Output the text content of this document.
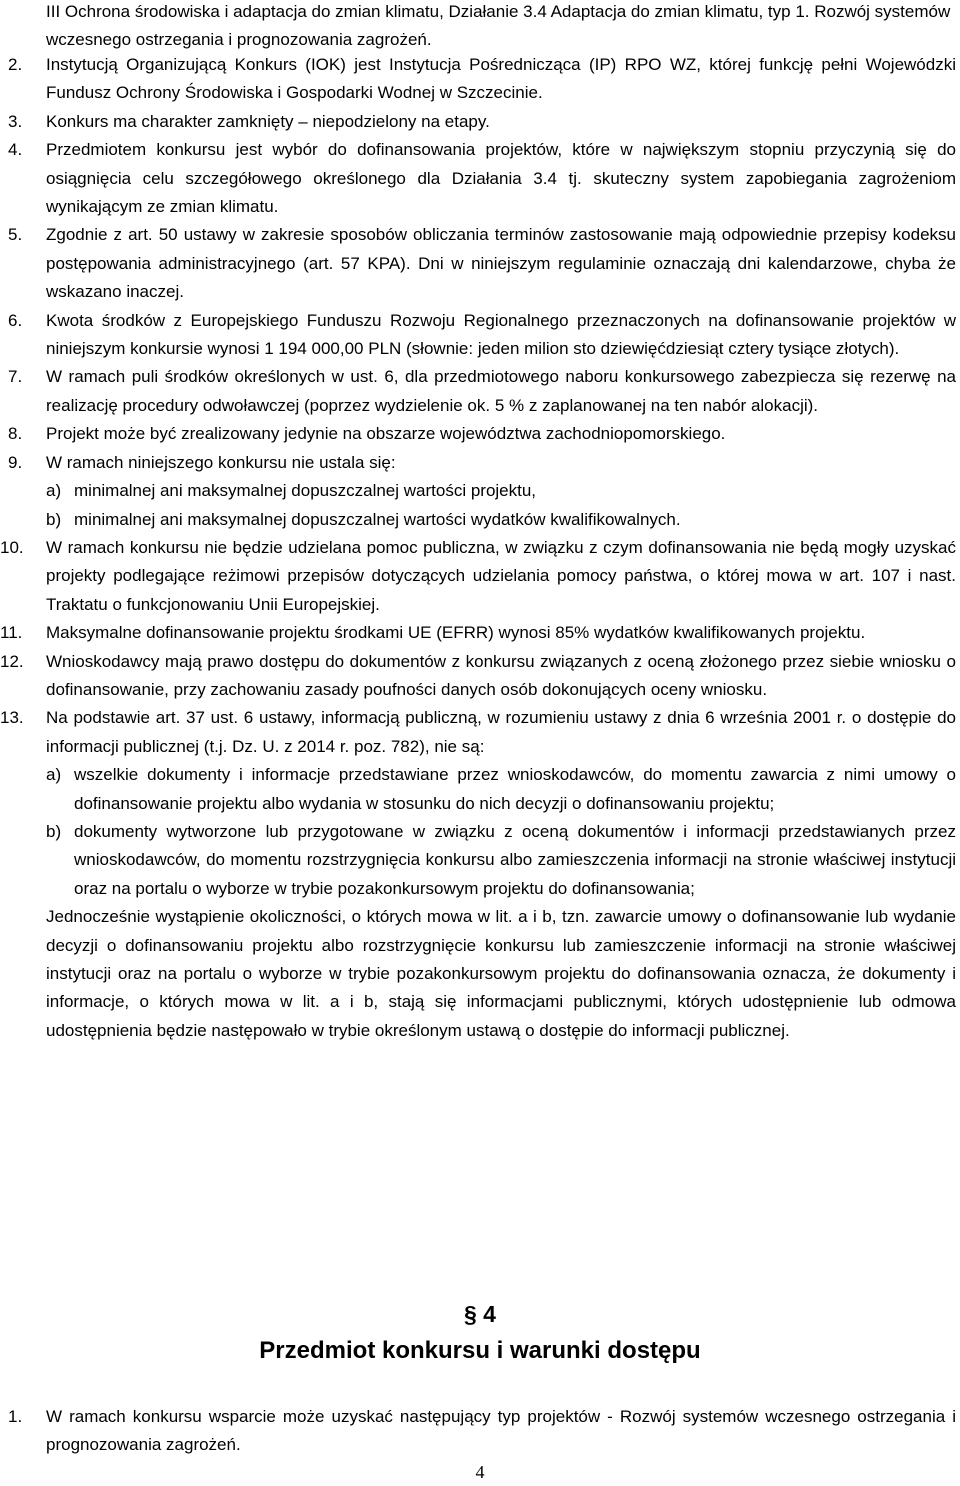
III Ochrona środowiska i adaptacja do zmian klimatu, Działanie 3.4 Adaptacja do zmian klimatu, typ 1. Rozwój systemów wczesnego ostrzegania i prognozowania zagrożeń.
2. Instytucją Organizującą Konkurs (IOK) jest Instytucja Pośrednicząca (IP) RPO WZ, której funkcję pełni Wojewódzki Fundusz Ochrony Środowiska i Gospodarki Wodnej w Szczecinie.
3. Konkurs ma charakter zamknięty – niepodzielony na etapy.
4. Przedmiotem konkursu jest wybór do dofinansowania projektów, które w największym stopniu przyczynią się do osiągnięcia celu szczegółowego określonego dla Działania 3.4 tj. skuteczny system zapobiegania zagrożeniom wynikającym ze zmian klimatu.
5. Zgodnie z art. 50 ustawy w zakresie sposobów obliczania terminów zastosowanie mają odpowiednie przepisy kodeksu postępowania administracyjnego (art. 57 KPA). Dni w niniejszym regulaminie oznaczają dni kalendarzowe, chyba że wskazano inaczej.
6. Kwota środków z Europejskiego Funduszu Rozwoju Regionalnego przeznaczonych na dofinansowanie projektów w niniejszym konkursie wynosi 1 194 000,00 PLN (słownie: jeden milion sto dziewięćdziesiąt cztery tysiące złotych).
7. W ramach puli środków określonych w ust. 6, dla przedmiotowego naboru konkursowego zabezpiecza się rezerwę na realizację procedury odwoławczej (poprzez wydzielenie ok. 5 % z zaplanowanej na ten nabór alokacji).
8. Projekt może być zrealizowany jedynie na obszarze województwa zachodniopomorskiego.
9. W ramach niniejszego konkursu nie ustala się:
a) minimalnej ani maksymalnej dopuszczalnej wartości projektu,
b) minimalnej ani maksymalnej dopuszczalnej wartości wydatków kwalifikowalnych.
10. W ramach konkursu nie będzie udzielana pomoc publiczna, w związku z czym dofinansowania nie będą mogły uzyskać projekty podlegające reżimowi przepisów dotyczących udzielania pomocy państwa, o której mowa w art. 107 i nast. Traktatu o funkcjonowaniu Unii Europejskiej.
11. Maksymalne dofinansowanie projektu środkami UE (EFRR) wynosi 85% wydatków kwalifikowanych projektu.
12. Wnioskodawcy mają prawo dostępu do dokumentów z konkursu związanych z oceną złożonego przez siebie wniosku o dofinansowanie, przy zachowaniu zasady poufności danych osób dokonujących oceny wniosku.
13. Na podstawie art. 37 ust. 6 ustawy, informacją publiczną, w rozumieniu ustawy z dnia 6 września 2001 r. o dostępie do informacji publicznej (t.j. Dz. U. z 2014 r. poz. 782), nie są:
a) wszelkie dokumenty i informacje przedstawiane przez wnioskodawców, do momentu zawarcia z nimi umowy o dofinansowanie projektu albo wydania w stosunku do nich decyzji o dofinansowaniu projektu;
b) dokumenty wytworzone lub przygotowane w związku z oceną dokumentów i informacji przedstawianych przez wnioskodawców, do momentu rozstrzygnięcia konkursu albo zamieszczenia informacji na stronie właściwej instytucji oraz na portalu o wyborze w trybie pozakonkursowym projektu do dofinansowania;
Jednocześnie wystąpienie okoliczności, o których mowa w lit. a i b, tzn. zawarcie umowy o dofinansowanie lub wydanie decyzji o dofinansowaniu projektu albo rozstrzygnięcie konkursu lub zamieszczenie informacji na stronie właściwej instytucji oraz na portalu o wyborze w trybie pozakonkursowym projektu do dofinansowania oznacza, że dokumenty i informacje, o których mowa w lit. a i b, stają się informacjami publicznymi, których udostępnienie lub odmowa udostępnienia będzie następowało w trybie określonym ustawą o dostępie do informacji publicznej.
§ 4
Przedmiot konkursu i warunki dostępu
1. W ramach konkursu wsparcie może uzyskać następujący typ projektów - Rozwój systemów wczesnego ostrzegania i prognozowania zagrożeń.
4
